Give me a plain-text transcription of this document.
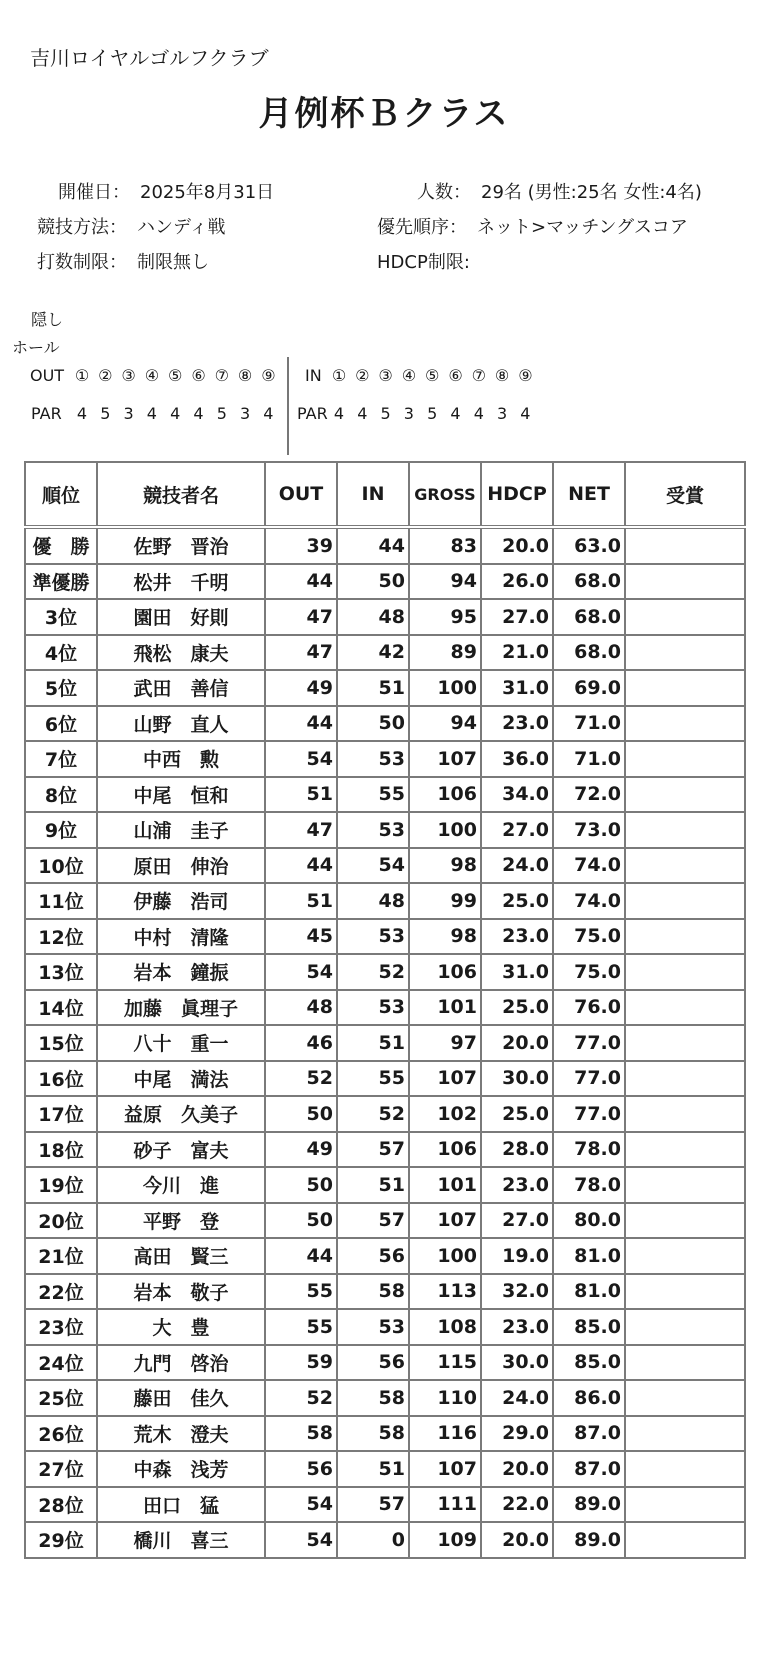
吉川ロイヤルゴルフクラブ
月例杯Ｂクラス
開催日： 2025年8月31日	人数： 29名 (男性:25名 女性:4名)
競技方法： ハンディ戦	優先順序： ネット>マッチングスコア
打数制限： 制限無し	HDCP制限:
隠し
ホール
OUT ① ② ③ ④ ⑤ ⑥ ⑦ ⑧ ⑨	IN ① ② ③ ④ ⑤ ⑥ ⑦ ⑧ ⑨
PAR 4 5 3 4 4 4 5 3 4	PAR 4 4 5 3 5 4 4 3 4
順位	競技者名	OUT	IN	GROSS	HDCP	NET	受賞
優　勝	佐野　晋治	39	44	83	20.0	63.0	
準優勝	松井　千明	44	50	94	26.0	68.0	
3位	園田　好則	47	48	95	27.0	68.0	
4位	飛松　康夫	47	42	89	21.0	68.0	
5位	武田　善信	49	51	100	31.0	69.0	
6位	山野　直人	44	50	94	23.0	71.0	
7位	中西　勲	54	53	107	36.0	71.0	
8位	中尾　恒和	51	55	106	34.0	72.0	
9位	山浦　圭子	47	53	100	27.0	73.0	
10位	原田　伸治	44	54	98	24.0	74.0	
11位	伊藤　浩司	51	48	99	25.0	74.0	
12位	中村　清隆	45	53	98	23.0	75.0	
13位	岩本　鐘振	54	52	106	31.0	75.0	
14位	加藤　眞理子	48	53	101	25.0	76.0	
15位	八十　重一	46	51	97	20.0	77.0	
16位	中尾　満法	52	55	107	30.0	77.0	
17位	益原　久美子	50	52	102	25.0	77.0	
18位	砂子　富夫	49	57	106	28.0	78.0	
19位	今川　進	50	51	101	23.0	78.0	
20位	平野　登	50	57	107	27.0	80.0	
21位	高田　賢三	44	56	100	19.0	81.0	
22位	岩本　敬子	55	58	113	32.0	81.0	
23位	大　豊	55	53	108	23.0	85.0	
24位	九門　啓治	59	56	115	30.0	85.0	
25位	藤田　佳久	52	58	110	24.0	86.0	
26位	荒木　澄夫	58	58	116	29.0	87.0	
27位	中森　浅芳	56	51	107	20.0	87.0	
28位	田口　猛	54	57	111	22.0	89.0	
29位	橋川　喜三	54	0	109	20.0	89.0	
